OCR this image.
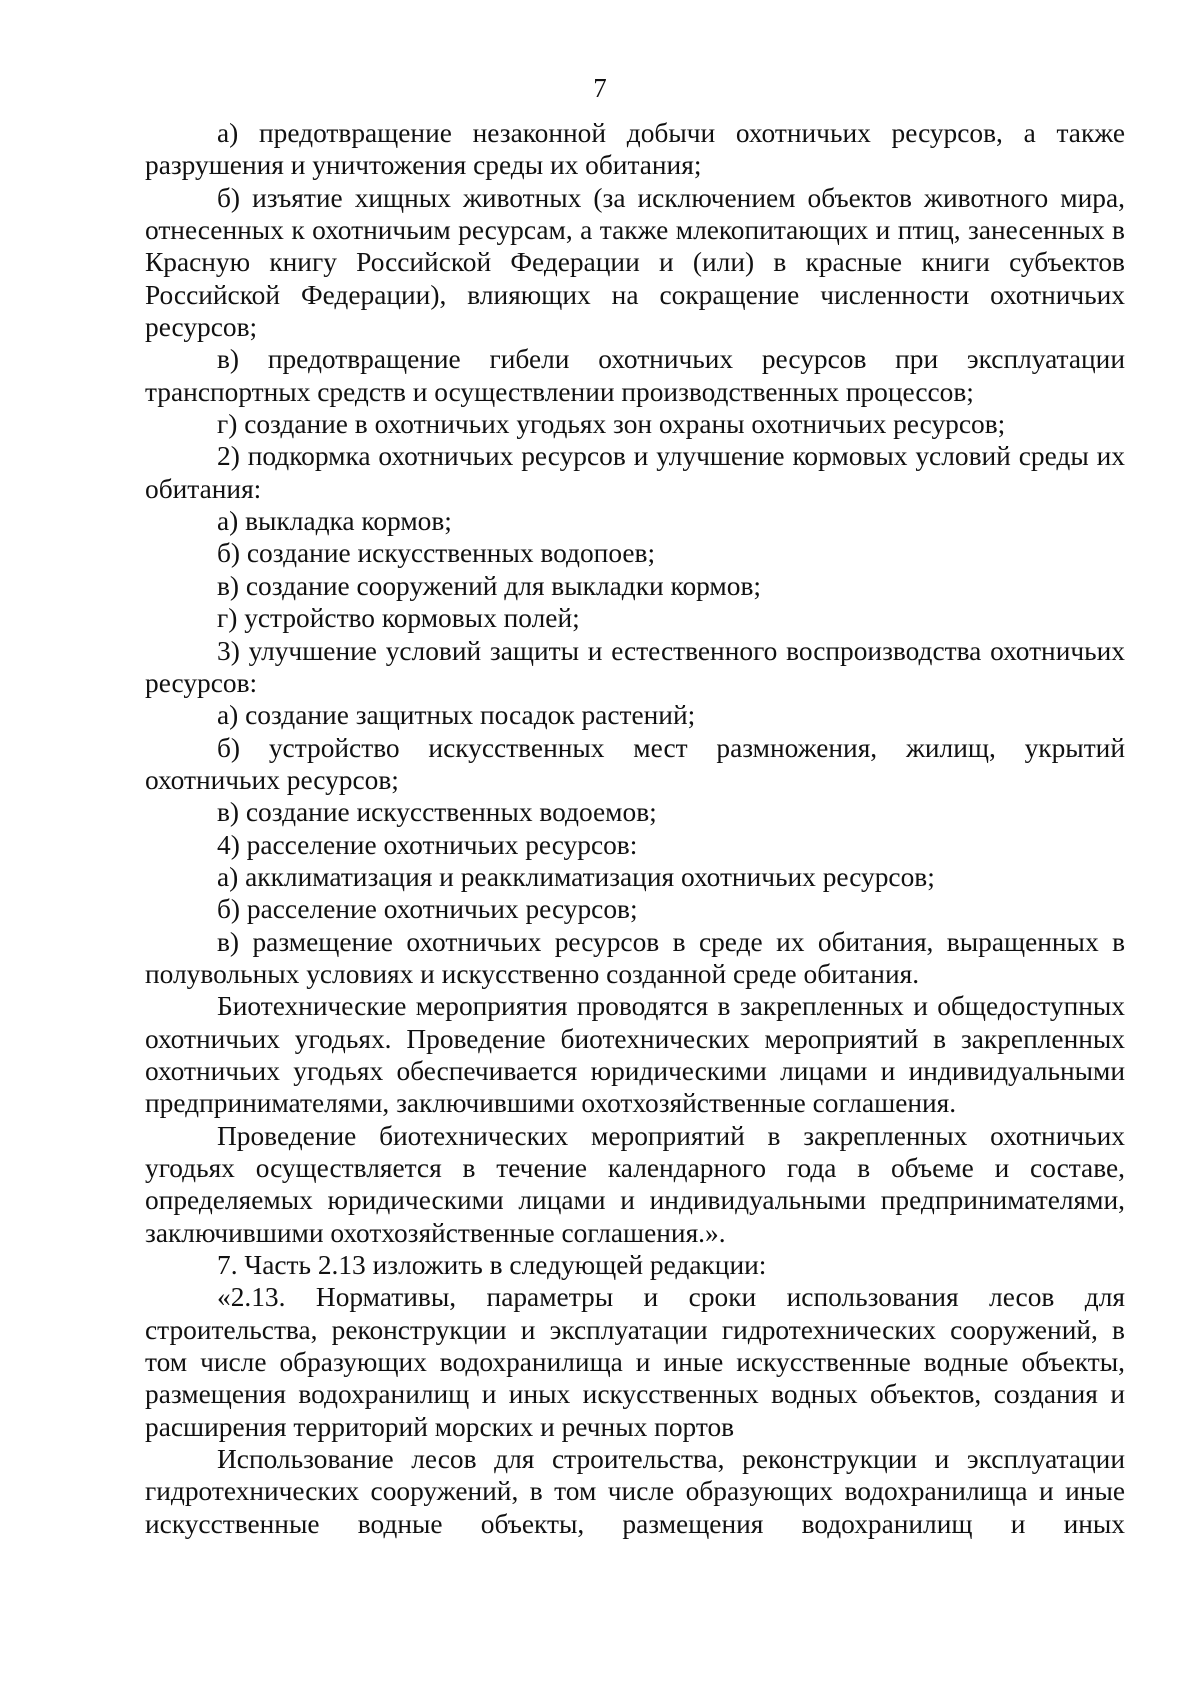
7

а) предотвращение незаконной добычи охотничьих ресурсов, а также разрушения и уничтожения среды их обитания;

б) изъятие хищных животных (за исключением объектов животного мира, отнесенных к охотничьим ресурсам, а также млекопитающих и птиц, занесенных в Красную книгу Российской Федерации и (или) в красные книги субъектов Российской Федерации), влияющих на сокращение численности охотничьих ресурсов;

в) предотвращение гибели охотничьих ресурсов при эксплуатации транспортных средств и осуществлении производственных процессов;

г) создание в охотничьих угодьях зон охраны охотничьих ресурсов;

2) подкормка охотничьих ресурсов и улучшение кормовых условий среды их обитания:

а) выкладка кормов;

б) создание искусственных водопоев;

в) создание сооружений для выкладки кормов;

г) устройство кормовых полей;

3) улучшение условий защиты и естественного воспроизводства охотничьих ресурсов:

а) создание защитных посадок растений;

б) устройство искусственных мест размножения, жилищ, укрытий охотничьих ресурсов;

в) создание искусственных водоемов;

4) расселение охотничьих ресурсов:

а) акклиматизация и реакклиматизация охотничьих ресурсов;

б) расселение охотничьих ресурсов;

в) размещение охотничьих ресурсов в среде их обитания, выращенных в полувольных условиях и искусственно созданной среде обитания.

Биотехнические мероприятия проводятся в закрепленных и общедоступных охотничьих угодьях. Проведение биотехнических мероприятий в закрепленных охотничьих угодьях обеспечивается юридическими лицами и индивидуальными предпринимателями, заключившими охотхозяйственные соглашения.

Проведение биотехнических мероприятий в закрепленных охотничьих угодьях осуществляется в течение календарного года в объеме и составе, определяемых юридическими лицами и индивидуальными предпринимателями, заключившими охотхозяйственные соглашения.».

7. Часть 2.13 изложить в следующей редакции:

«2.13. Нормативы, параметры и сроки использования лесов для строительства, реконструкции и эксплуатации гидротехнических сооружений, в том числе образующих водохранилища и иные искусственные водные объекты, размещения водохранилищ и иных искусственных водных объектов, создания и расширения территорий морских и речных портов

Использование лесов для строительства, реконструкции и эксплуатации гидротехнических сооружений, в том числе образующих водохранилища и иные искусственные водные объекты, размещения водохранилищ и иных
